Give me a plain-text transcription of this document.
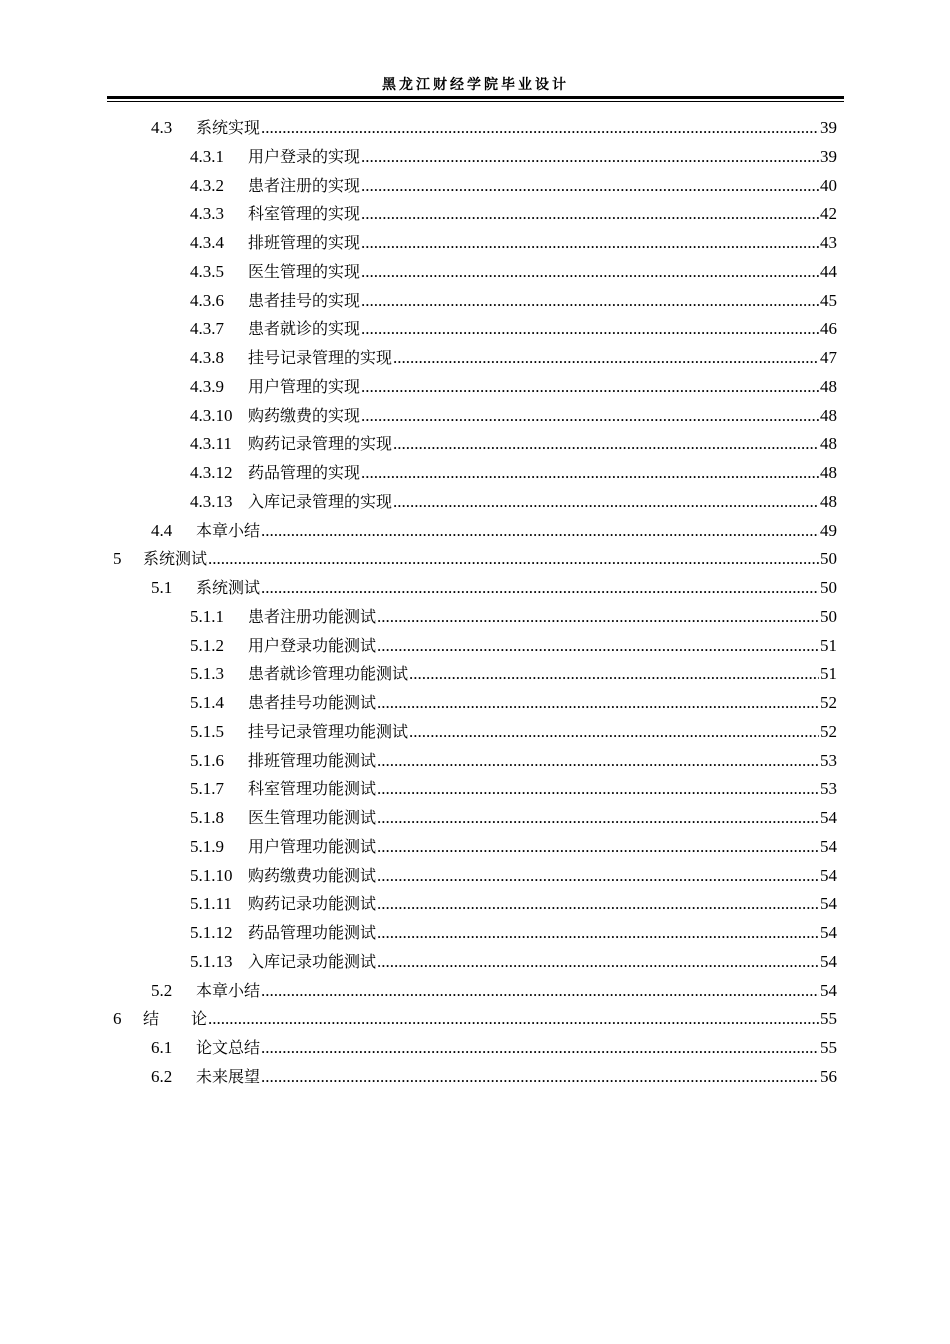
黑龙江财经学院毕业设计
4.3	系统实现 .....	39
4.3.1	用户登录的实现 .....	39
4.3.2	患者注册的实现 .....	40
4.3.3	科室管理的实现 .....	42
4.3.4	排班管理的实现 .....	43
4.3.5	医生管理的实现 .....	44
4.3.6	患者挂号的实现 .....	45
4.3.7	患者就诊的实现 .....	46
4.3.8	挂号记录管理的实现 .....	47
4.3.9	用户管理的实现 .....	48
4.3.10 购药缴费的实现 .....	48
4.3.11	购药记录管理的实现 .....	48
4.3.12 药品管理的实现 .....	48
4.3.13 入库记录管理的实现 .....	48
4.4	本章小结 .....	49
5	系统测试 .....	50
5.1	系统测试 .....	50
5.1.1	患者注册功能测试 .....	50
5.1.2	用户登录功能测试 .....	51
5.1.3	患者就诊管理功能测试 .....	51
5.1.4	患者挂号功能测试 .....	52
5.1.5	挂号记录管理功能测试 .....	52
5.1.6	排班管理功能测试 .....	53
5.1.7	科室管理功能测试 .....	53
5.1.8	医生管理功能测试 .....	54
5.1.9	用户管理功能测试 .....	54
5.1.10 购药缴费功能测试 .....	54
5.1.11	购药记录功能测试 .....	54
5.1.12 药品管理功能测试 .....	54
5.1.13 入库记录功能测试 .....	54
5.2	本章小结 .....	54
6	结　　论 .....	55
6.1	论文总结 .....	55
6.2	未来展望 .....	56
